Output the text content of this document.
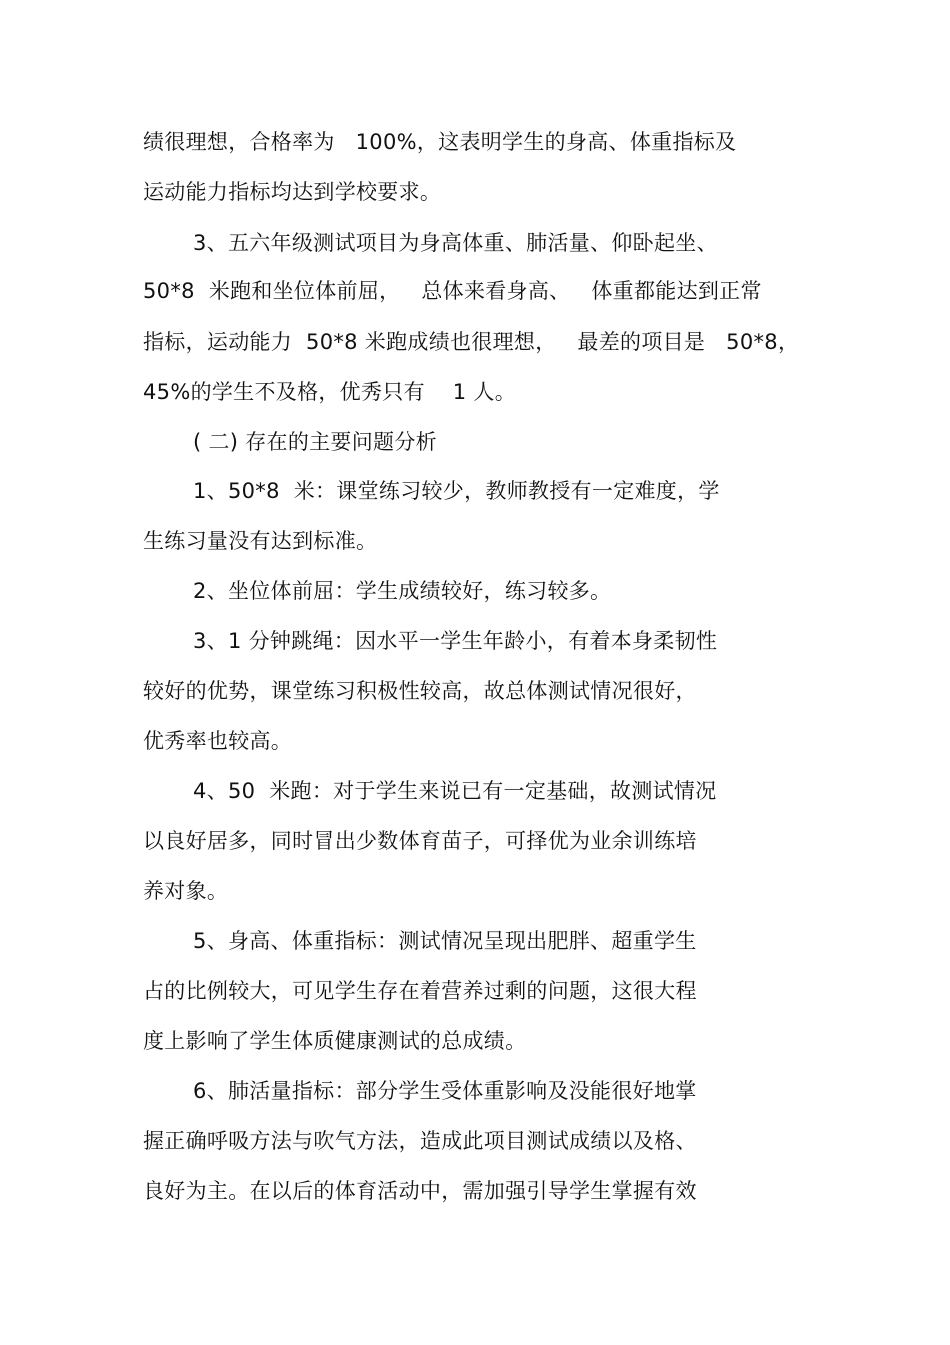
绩很理想，合格率为   100%，这表明学生的身高、体重指标及
运动能力指标均达到学校要求。
3、五六年级测试项目为身高体重、肺活量、仰卧起坐、
50*8  米跑和坐位体前屈，   总体来看身高、   体重都能达到正常
指标，运动能力  50*8 米跑成绩也很理想，   最差的项目是   50*8，
45%的学生不及格，优秀只有    1 人。
( 二) 存在的主要问题分析
1、50*8  米：课堂练习较少，教师教授有一定难度，学
生练习量没有达到标准。
2、坐位体前屈：学生成绩较好，练习较多。
3、1 分钟跳绳：因水平一学生年龄小，有着本身柔韧性
较好的优势，课堂练习积极性较高，故总体测试情况很好，
优秀率也较高。
4、50  米跑：对于学生来说已有一定基础，故测试情况
以良好居多，同时冒出少数体育苗子，可择优为业余训练培
养对象。
5、身高、体重指标：测试情况呈现出肥胖、超重学生
占的比例较大，可见学生存在着营养过剩的问题，这很大程
度上影响了学生体质健康测试的总成绩。
6、肺活量指标：部分学生受体重影响及没能很好地掌
握正确呼吸方法与吹气方法，造成此项目测试成绩以及格、
良好为主。在以后的体育活动中，需加强引导学生掌握有效
